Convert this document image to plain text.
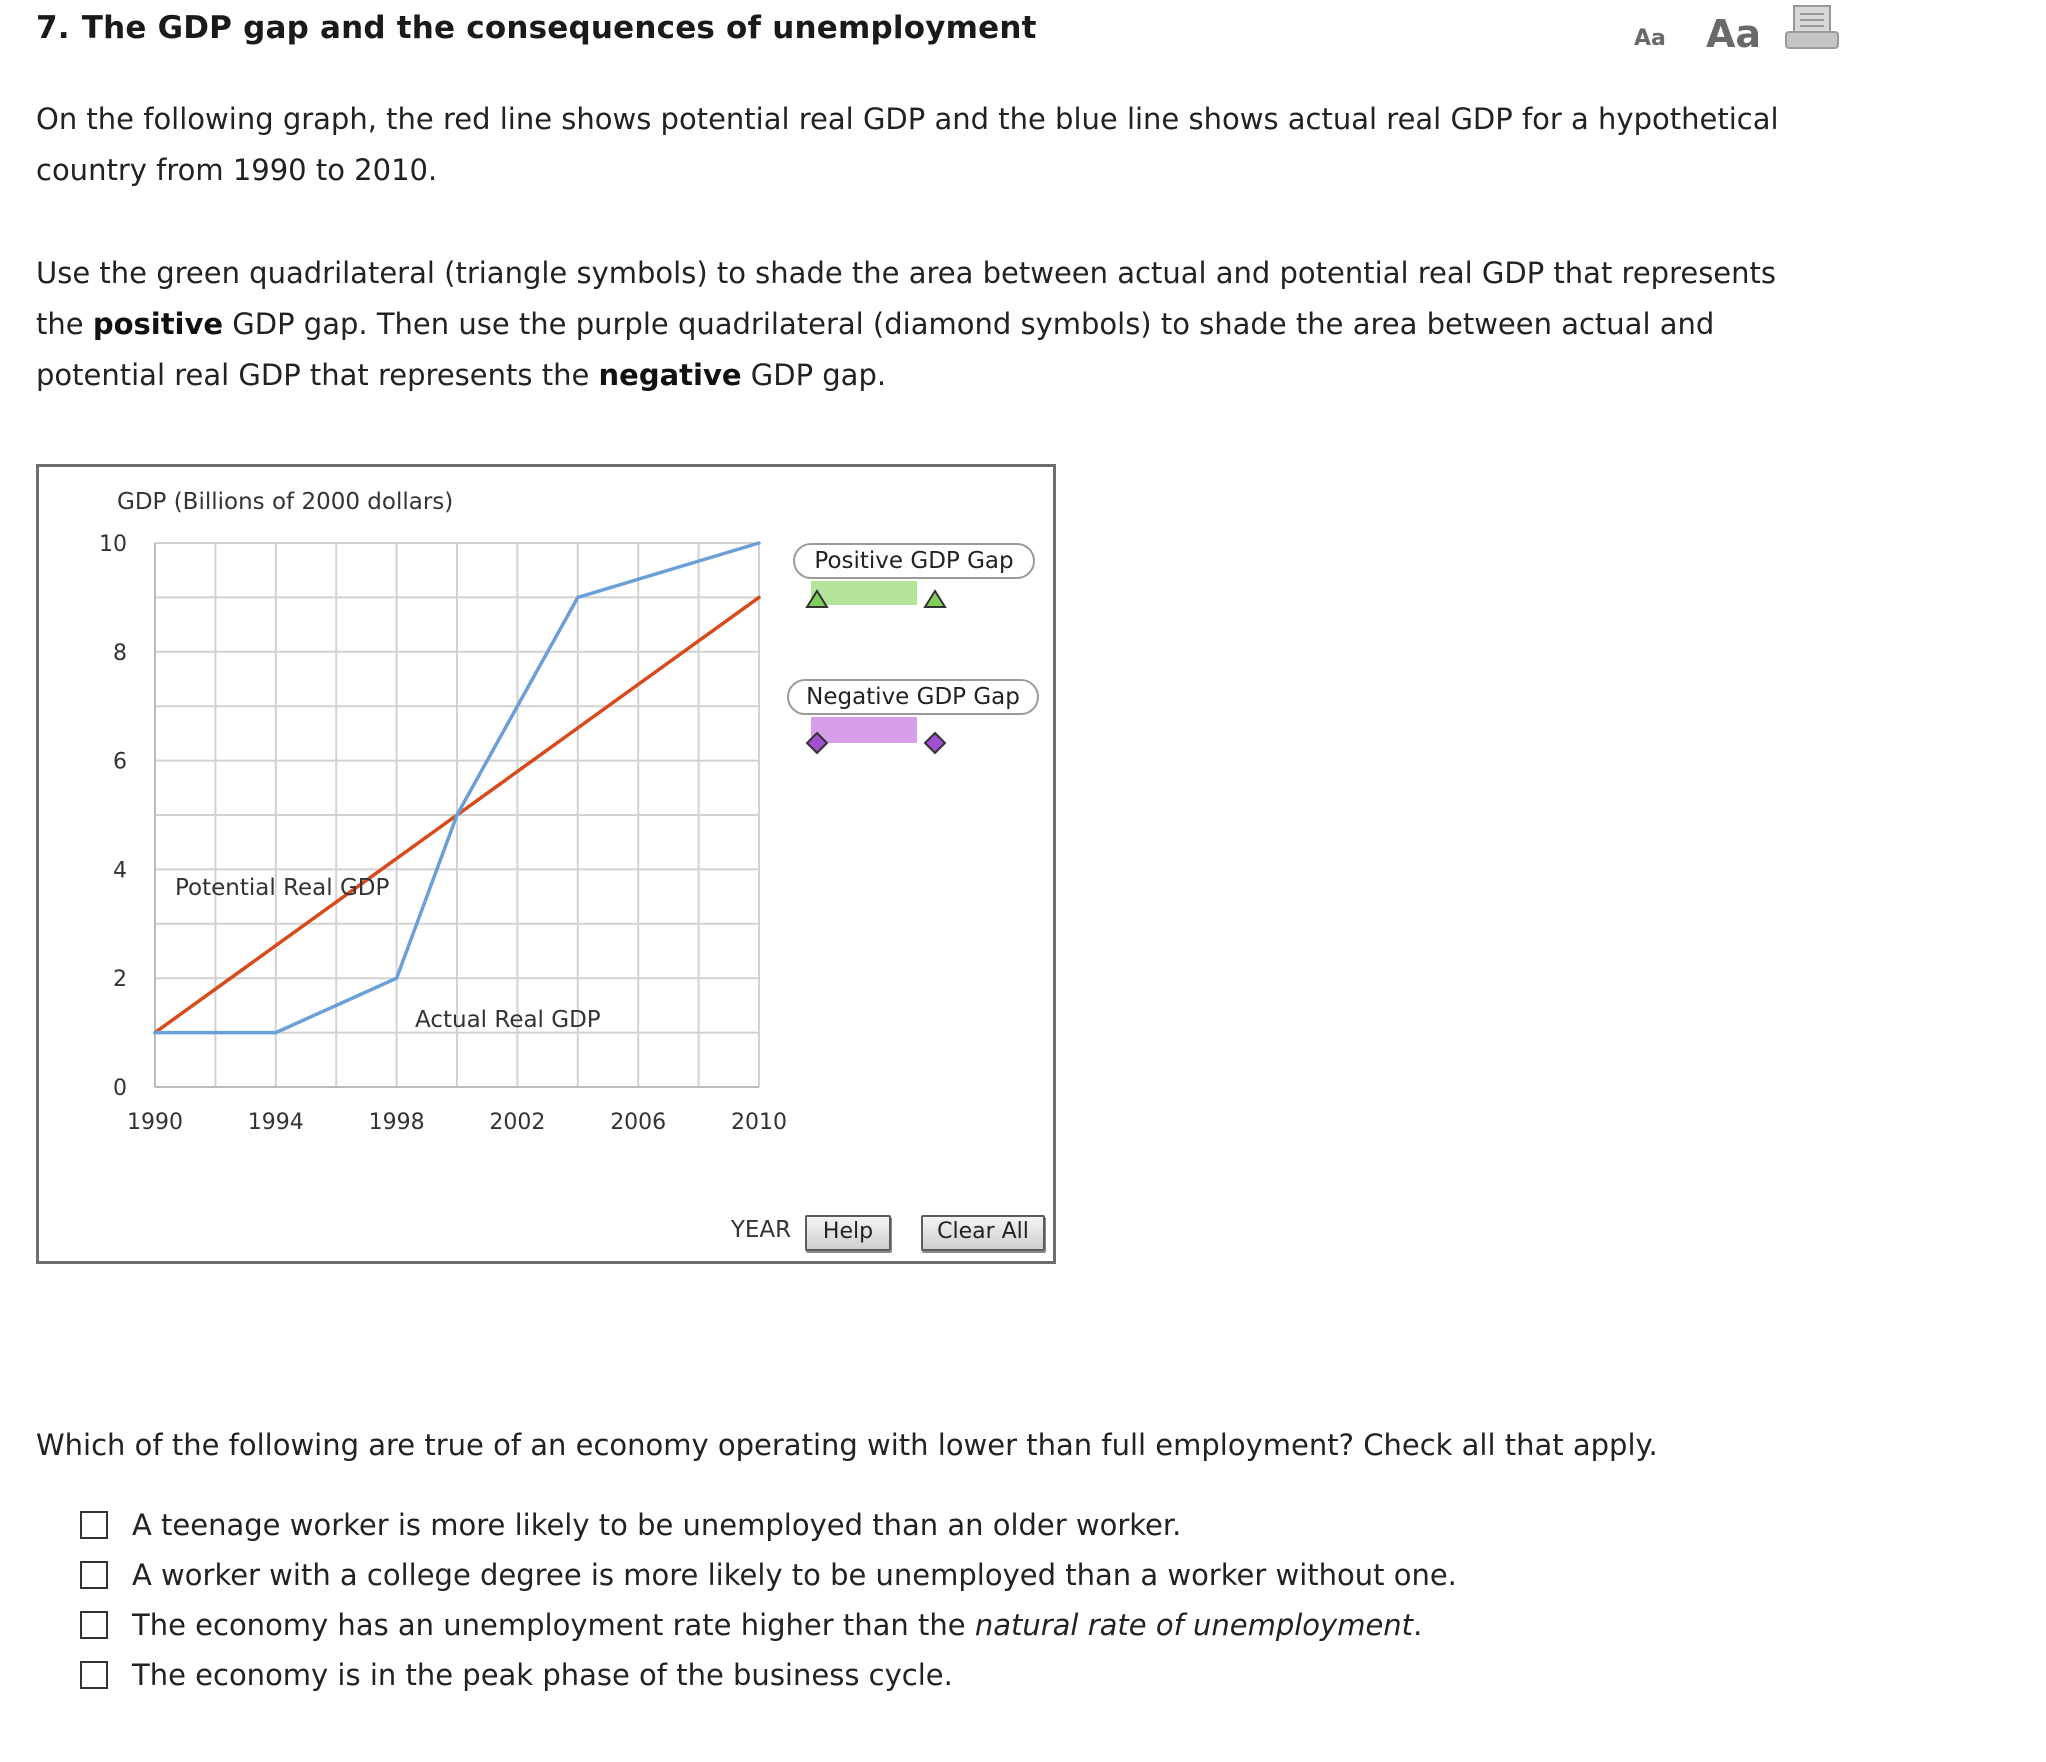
7. The GDP gap and the consequences of unemployment	Aa Aa
On the following graph, the red line shows potential real GDP and the blue line shows actual real GDP for a hypothetical country from 1990 to 2010.
Use the green quadrilateral (triangle symbols) to shade the area between actual and potential real GDP that represents the positive GDP gap. Then use the purple quadrilateral (diamond symbols) to shade the area between actual and potential real GDP that represents the negative GDP gap.
1990	1994	1998	2002	2006	2010
0
2
4
6
8
10
GDP (Billions of 2000 dollars)
YEAR
Potential Real GDP
Actual Real GDP
Positive GDP Gap
Negative GDP Gap
Help	Clear All
Which of the following are true of an economy operating with lower than full employment? Check all that apply.
A teenage worker is more likely to be unemployed than an older worker.
A worker with a college degree is more likely to be unemployed than a worker without one.
The economy has an unemployment rate higher than the natural rate of unemployment.
The economy is in the peak phase of the business cycle.
